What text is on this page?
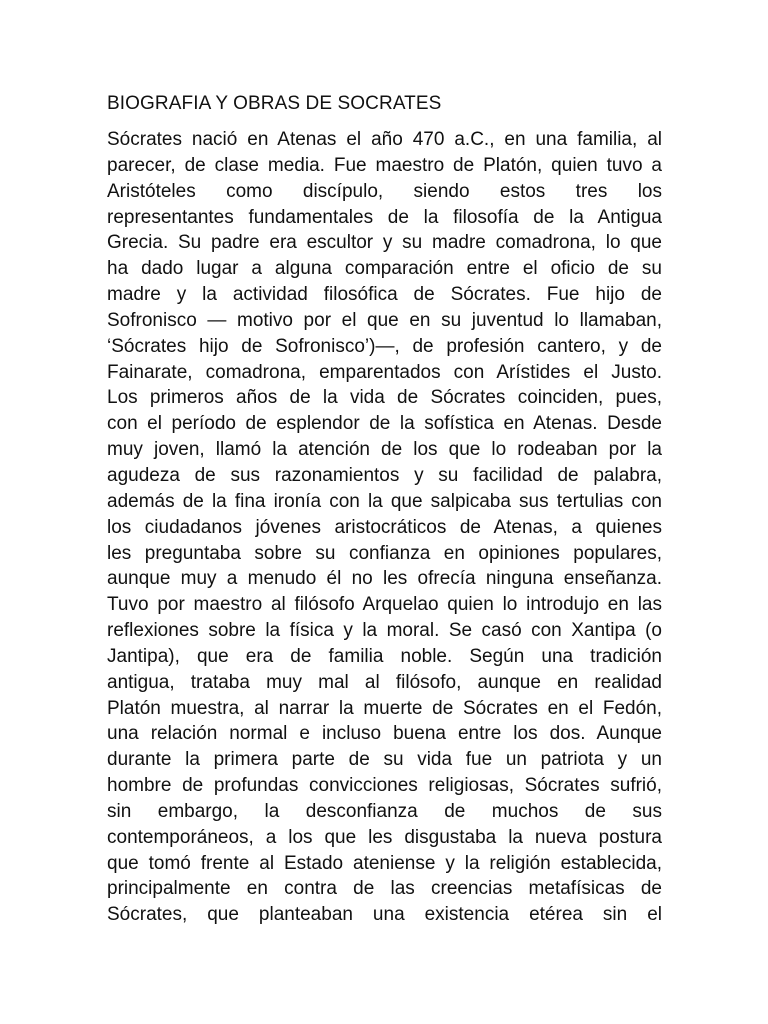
BIOGRAFIA Y OBRAS DE SOCRATES
Sócrates nació en Atenas el año 470 a.C., en una familia, al
parecer, de clase media. Fue maestro de Platón, quien tuvo a
Aristóteles como discípulo, siendo estos tres los
representantes fundamentales de la filosofía de la Antigua
Grecia. Su padre era escultor y su madre comadrona, lo que
ha dado lugar a alguna comparación entre el oficio de su
madre y la actividad filosófica de Sócrates. Fue hijo de
Sofronisco — motivo por el que en su juventud lo llamaban,
‘Sócrates hijo de Sofronisco’)—, de profesión cantero, y de
Fainarate, comadrona, emparentados con Arístides el Justo.
Los primeros años de la vida de Sócrates coinciden, pues,
con el período de esplendor de la sofística en Atenas. Desde
muy joven, llamó la atención de los que lo rodeaban por la
agudeza de sus razonamientos y su facilidad de palabra,
además de la fina ironía con la que salpicaba sus tertulias con
los ciudadanos jóvenes aristocráticos de Atenas, a quienes
les preguntaba sobre su confianza en opiniones populares,
aunque muy a menudo él no les ofrecía ninguna enseñanza.
Tuvo por maestro al filósofo Arquelao quien lo introdujo en las
reflexiones sobre la física y la moral. Se casó con Xantipa (o
Jantipa), que era de familia noble. Según una tradición
antigua, trataba muy mal al filósofo, aunque en realidad
Platón muestra, al narrar la muerte de Sócrates en el Fedón,
una relación normal e incluso buena entre los dos. Aunque
durante la primera parte de su vida fue un patriota y un
hombre de profundas convicciones religiosas, Sócrates sufrió,
sin embargo, la desconfianza de muchos de sus
contemporáneos, a los que les disgustaba la nueva postura
que tomó frente al Estado ateniense y la religión establecida,
principalmente en contra de las creencias metafísicas de
Sócrates, que planteaban una existencia etérea sin el
